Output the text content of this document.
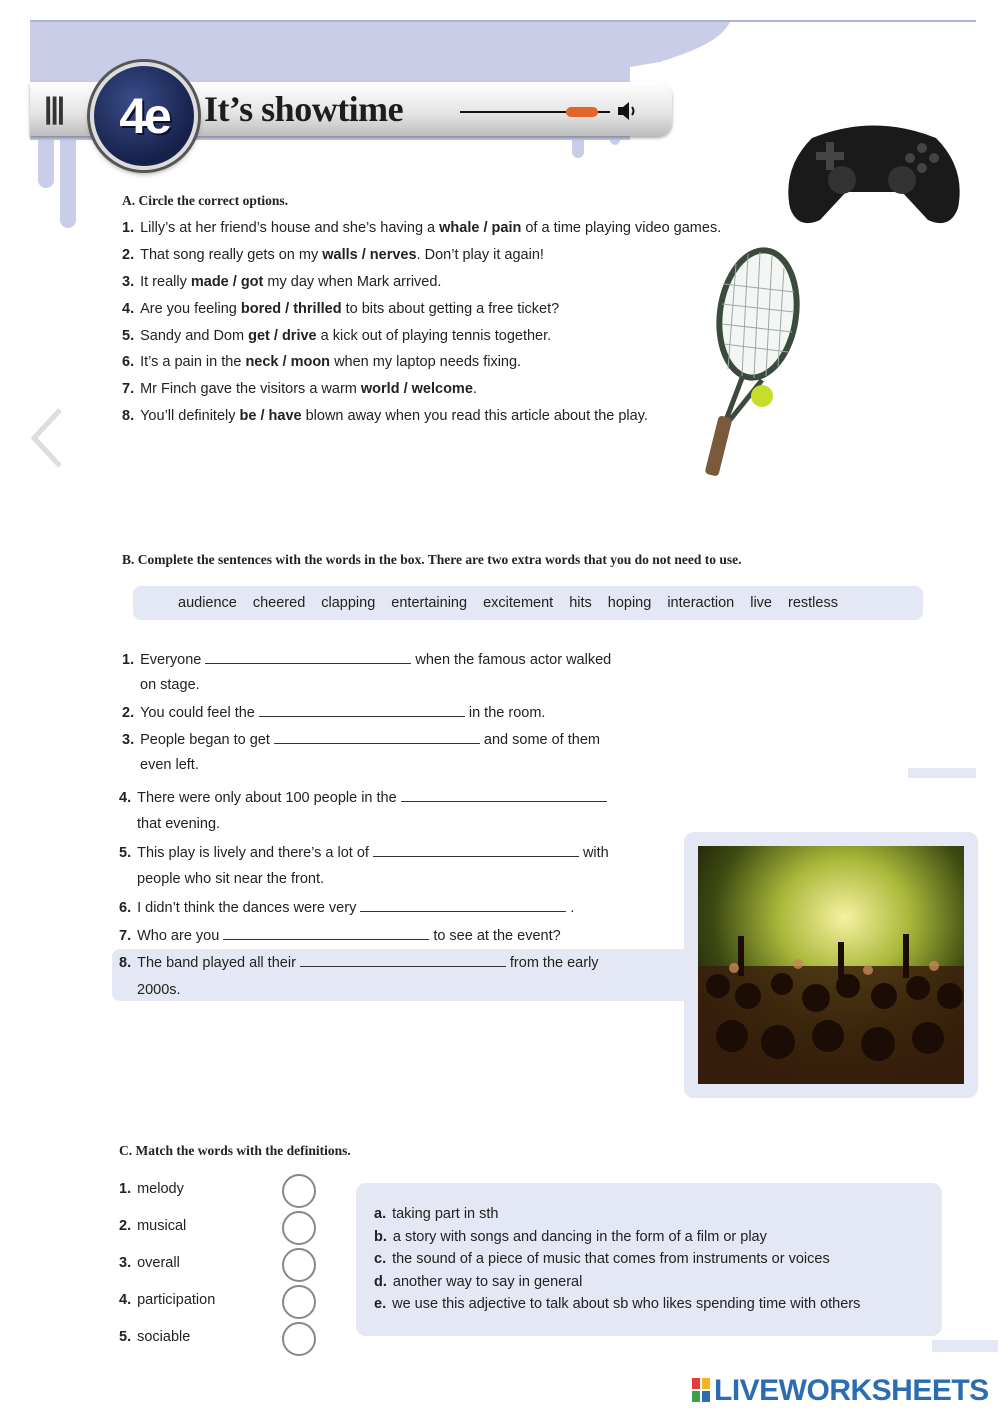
||| 4e It’s showtime
A. Circle the correct options.
1. Lilly’s at her friend’s house and she’s having a whale / pain of a time playing video games.
2. That song really gets on my walls / nerves. Don’t play it again!
3. It really made / got my day when Mark arrived.
4. Are you feeling bored / thrilled to bits about getting a free ticket?
5. Sandy and Dom get / drive a kick out of playing tennis together.
6. It’s a pain in the neck / moon when my laptop needs fixing.
7. Mr Finch gave the visitors a warm world / welcome.
8. You’ll definitely be / have blown away when you read this article about the play.
B. Complete the sentences with the words in the box. There are two extra words that you do not need to use.
audience cheered clapping entertaining excitement hits hoping interaction live restless
1. Everyone	when the famous actor walked
on stage.
2. You could feel the	in the room.
3. People began to get	and some of them
even left.
4. There were only about 100 people in the
that evening.
5. This play is lively and there’s a lot of	with
people who sit near the front.
6. I didn’t think the dances were very	.
7. Who are you	to see at the event?
8. The band played all their	from the early
2000s.
C. Match the words with the definitions.
1. melody
2. musical
3. overall
4. participation
5. sociable
a. taking part in sth
b. a story with songs and dancing in the form of a film or play
c. the sound of a piece of music that comes from instruments or voices
d. another way to say in general
e. we use this adjective to talk about sb who likes spending time with others
LIVEWORKSHEETS
